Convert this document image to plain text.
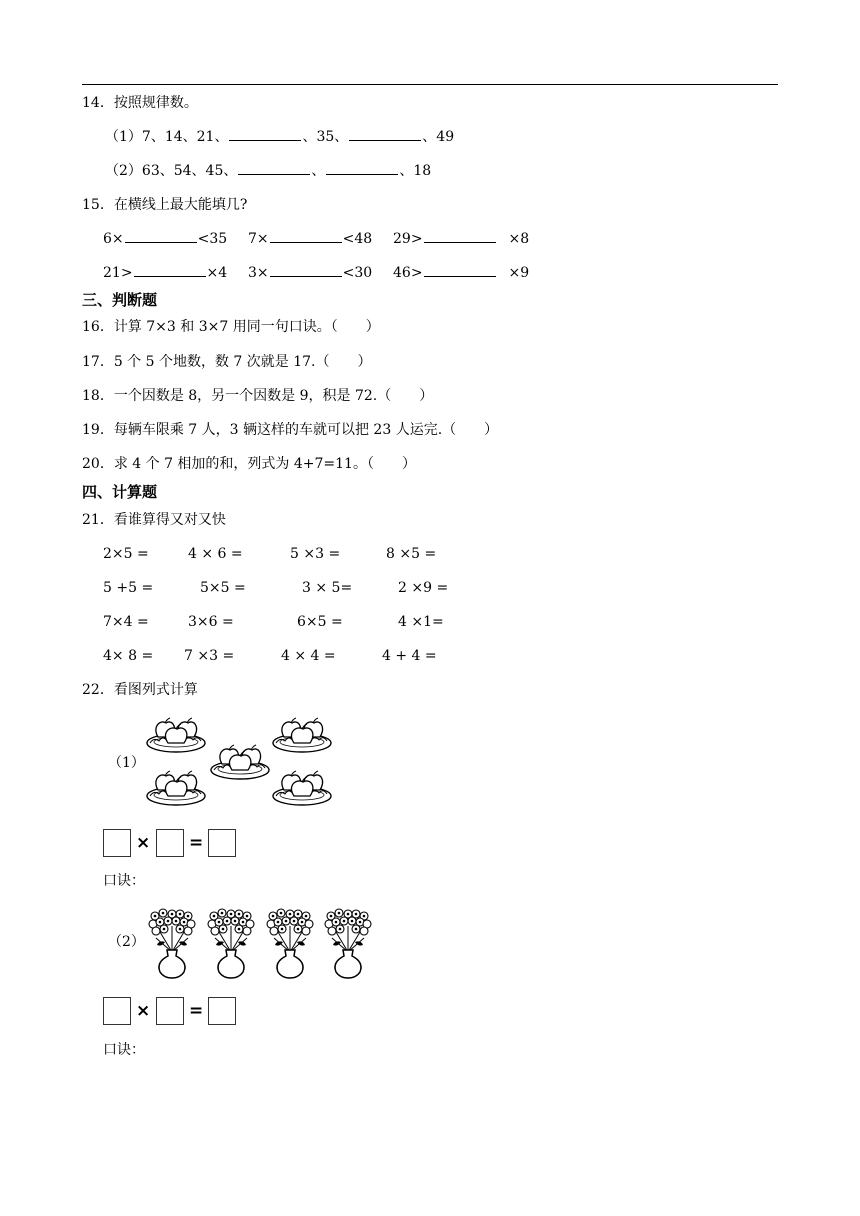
14．按照规律数。
（1）7、14、21、	、35、	、49
（2）63、54、45、	、	、18
15．在横线上最大能填几?
6×	<35 7×	<48 29>	×8
21>	×4 3×	<30 46>	×9
三、判断题
16．计算 7×3 和 3×7 用同一句口诀。（　　）
17．5 个 5 个地数，数 7 次就是 17.（　　）
18．一个因数是 8，另一个因数是 9，积是 72.（　　）
19．每辆车限乘 7 人，3 辆这样的车就可以把 23 人运完.（　　）
20．求 4 个 7 相加的和，列式为 4+7=11。（　　）
四、计算题
21．看谁算得又对又快
2×5 =	4 × 6 =	5 ×3 =	8 ×5 =
5 +5 =	5×5 =	3 × 5=	2 ×9 =
7×4 =	3×6 =	6×5 =	4 ×1=
4× 8 = 7 ×3 =	4 × 4 =	4 + 4 =
22．看图列式计算
（1）
× =
口诀：
（2）
× =
口诀：
